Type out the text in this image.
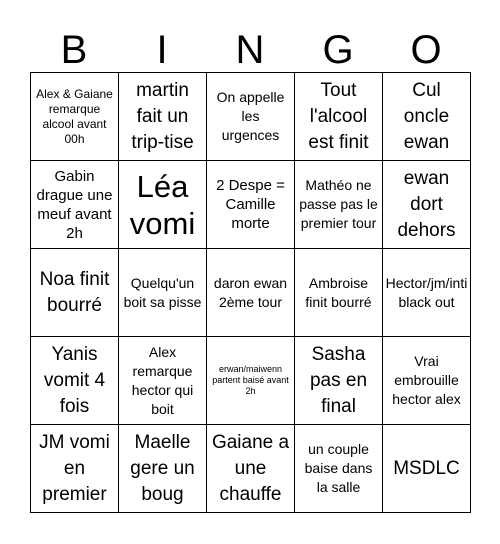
B	I	N	G	O
Alex & Gaiane remarque alcool avant 00h
martin fait un trip-tise
On appelle les urgences
Tout l'alcool est finit
Cul oncle ewan
Gabin drague une meuf avant 2h
Léa vomi
2 Despe = Camille morte
Mathéo ne passe pas le premier tour
ewan dort dehors
Noa finit bourré
Quelqu'un boit sa pisse
daron ewan 2ème tour
Ambroise finit bourré
Hector/jm/inti black out
Yanis vomit 4 fois
Alex remarque hector qui boit
erwan/maiwenn partent baisé avant 2h
Sasha pas en final
Vrai embrouille hector alex
JM vomi en premier
Maelle gere un boug
Gaiane a une chauffe
un couple baise dans la salle
MSDLC
